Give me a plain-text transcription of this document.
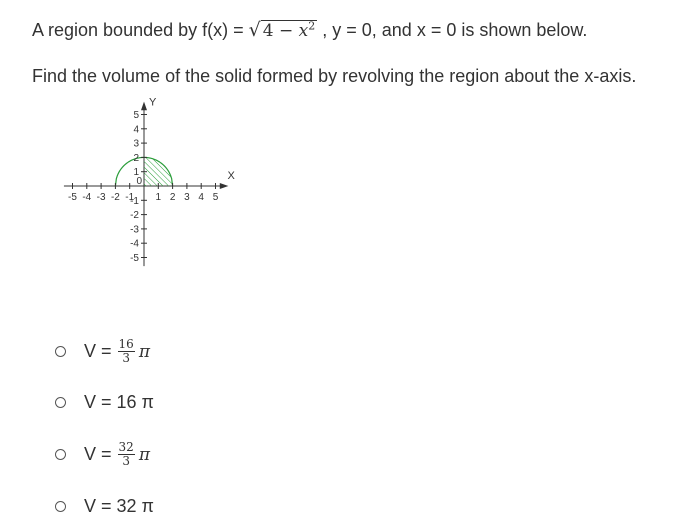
A region bounded by f(x) = √ $4 - x^2$ , y = 0, and x = 0 is shown below.
Find the volume of the solid formed by revolving the region about the x-axis.
-5 -4 -3 -2 -1 1 2 3 4 5
-5
-4
-3
-2
-1
1
2
3
4
5
0	X
Y
$V = \frac{16}{3}$ π
V = 16 π
$V = \frac{32}{3}$ π
V = 32 π
